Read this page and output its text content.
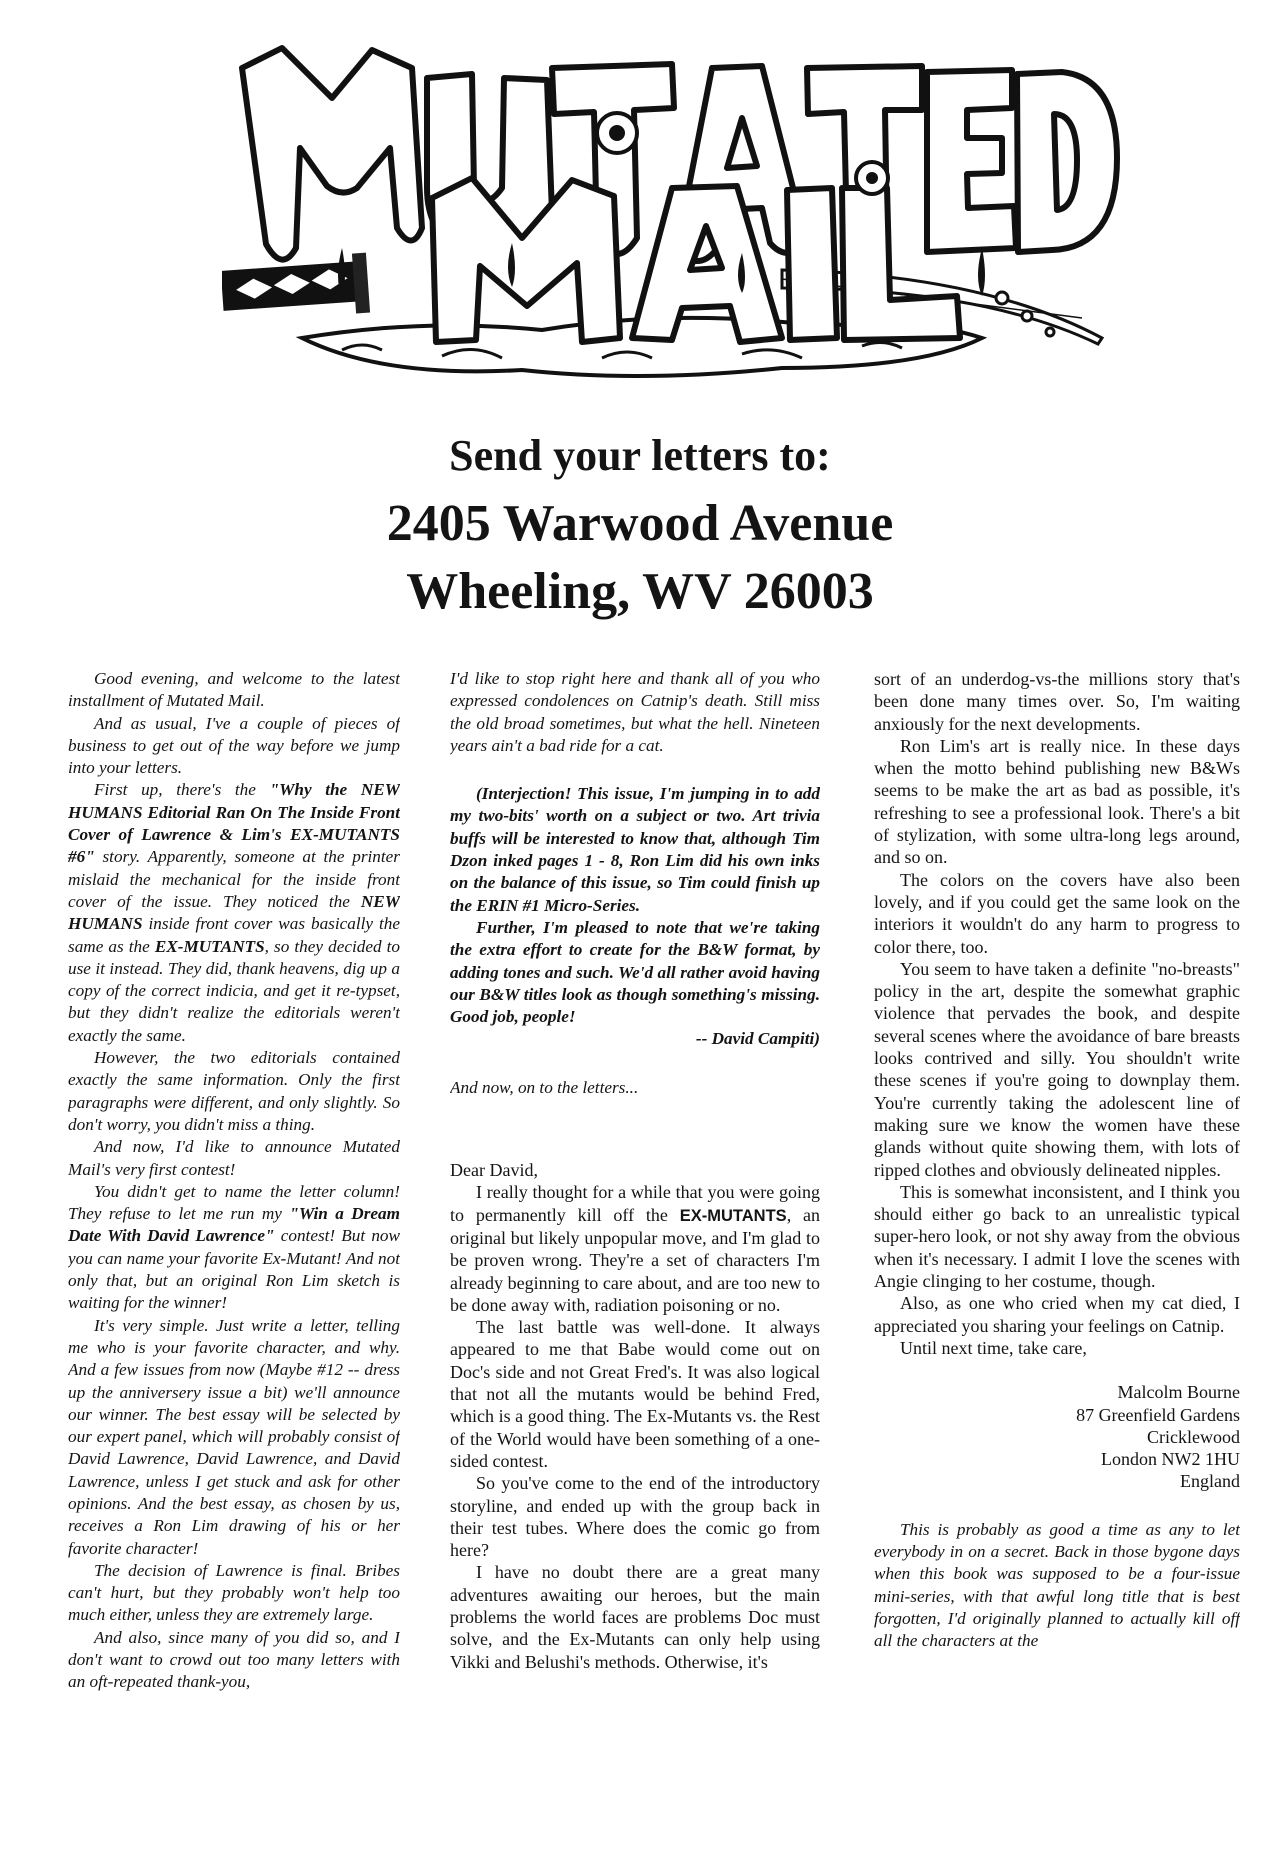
MUTATED MAIL
Send your letters to:
2405 Warwood Avenue
Wheeling, WV 26003

Good evening, and welcome to the latest installment of Mutated Mail.

And as usual, I've a couple of pieces of business to get out of the way before we jump into your letters.

First up, there's the "Why the NEW HUMANS Editorial Ran On The Inside Front Cover of Lawrence & Lim's EX-MUTANTS #6" story. Apparently, someone at the printer mislaid the mechanical for the inside front cover of the issue. They noticed the NEW HUMANS inside front cover was basically the same as the EX-MUTANTS, so they decided to use it instead. They did, thank heavens, dig up a copy of the correct indicia, and get it re-typset, but they didn't realize the editorials weren't exactly the same.

However, the two editorials contained exactly the same information. Only the first paragraphs were different, and only slightly. So don't worry, you didn't miss a thing.

And now, I'd like to announce Mutated Mail's very first contest!

You didn't get to name the letter column! They refuse to let me run my "Win a Dream Date With David Lawrence" contest! But now you can name your favorite Ex-Mutant! And not only that, but an original Ron Lim sketch is waiting for the winner!

It's very simple. Just write a letter, telling me who is your favorite character, and why. And a few issues from now (Maybe #12 -- dress up the anniversery issue a bit) we'll announce our winner. The best essay will be selected by our expert panel, which will probably consist of David Lawrence, David Lawrence, and David Lawrence, unless I get stuck and ask for other opinions. And the best essay, as chosen by us, receives a Ron Lim drawing of his or her favorite character!

The decision of Lawrence is final. Bribes can't hurt, but they probably won't help too much either, unless they are extremely large.

And also, since many of you did so, and I don't want to crowd out too many letters with an oft-repeated thank-you,

I'd like to stop right here and thank all of you who expressed condolences on Catnip's death. Still miss the old broad sometimes, but what the hell. Nineteen years ain't a bad ride for a cat.

(Interjection! This issue, I'm jumping in to add my two-bits' worth on a subject or two. Art trivia buffs will be interested to know that, although Tim Dzon inked pages 1 - 8, Ron Lim did his own inks on the balance of this issue, so Tim could finish up the ERIN #1 Micro-Series.

Further, I'm pleased to note that we're taking the extra effort to create for the B&W format, by adding tones and such. We'd all rather avoid having our B&W titles look as though something's missing. Good job, people!

-- David Campiti)

And now, on to the letters...

Dear David,

I really thought for a while that you were going to permanently kill off the EX-MUTANTS, an original but likely unpopular move, and I'm glad to be proven wrong. They're a set of characters I'm already beginning to care about, and are too new to be done away with, radiation poisoning or no.

The last battle was well-done. It always appeared to me that Babe would come out on Doc's side and not Great Fred's. It was also logical that not all the mutants would be behind Fred, which is a good thing. The Ex-Mutants vs. the Rest of the World would have been something of a one-sided contest.

So you've come to the end of the introductory storyline, and ended up with the group back in their test tubes. Where does the comic go from here?

I have no doubt there are a great many adventures awaiting our heroes, but the main problems the world faces are problems Doc must solve, and the Ex-Mutants can only help using Vikki and Belushi's methods. Otherwise, it's

sort of an underdog-vs-the millions story that's been done many times over. So, I'm waiting anxiously for the next developments.

Ron Lim's art is really nice. In these days when the motto behind publishing new B&Ws seems to be make the art as bad as possible, it's refreshing to see a professional look. There's a bit of stylization, with some ultra-long legs around, and so on.

The colors on the covers have also been lovely, and if you could get the same look on the interiors it wouldn't do any harm to progress to color there, too.

You seem to have taken a definite "no-breasts" policy in the art, despite the somewhat graphic violence that pervades the book, and despite several scenes where the avoidance of bare breasts looks contrived and silly. You shouldn't write these scenes if you're going to downplay them. You're currently taking the adolescent line of making sure we know the women have these glands without quite showing them, with lots of ripped clothes and obviously delineated nipples.

This is somewhat inconsistent, and I think you should either go back to an unrealistic typical super-hero look, or not shy away from the obvious when it's necessary. I admit I love the scenes with Angie clinging to her costume, though.

Also, as one who cried when my cat died, I appreciated you sharing your feelings on Catnip.

Until next time, take care,

Malcolm Bourne

87 Greenfield Gardens

Cricklewood

London NW2 1HU

England

This is probably as good a time as any to let everybody in on a secret. Back in those bygone days when this book was supposed to be a four-issue mini-series, with that awful long title that is best forgotten, I'd originally planned to actually kill off all the characters at the
